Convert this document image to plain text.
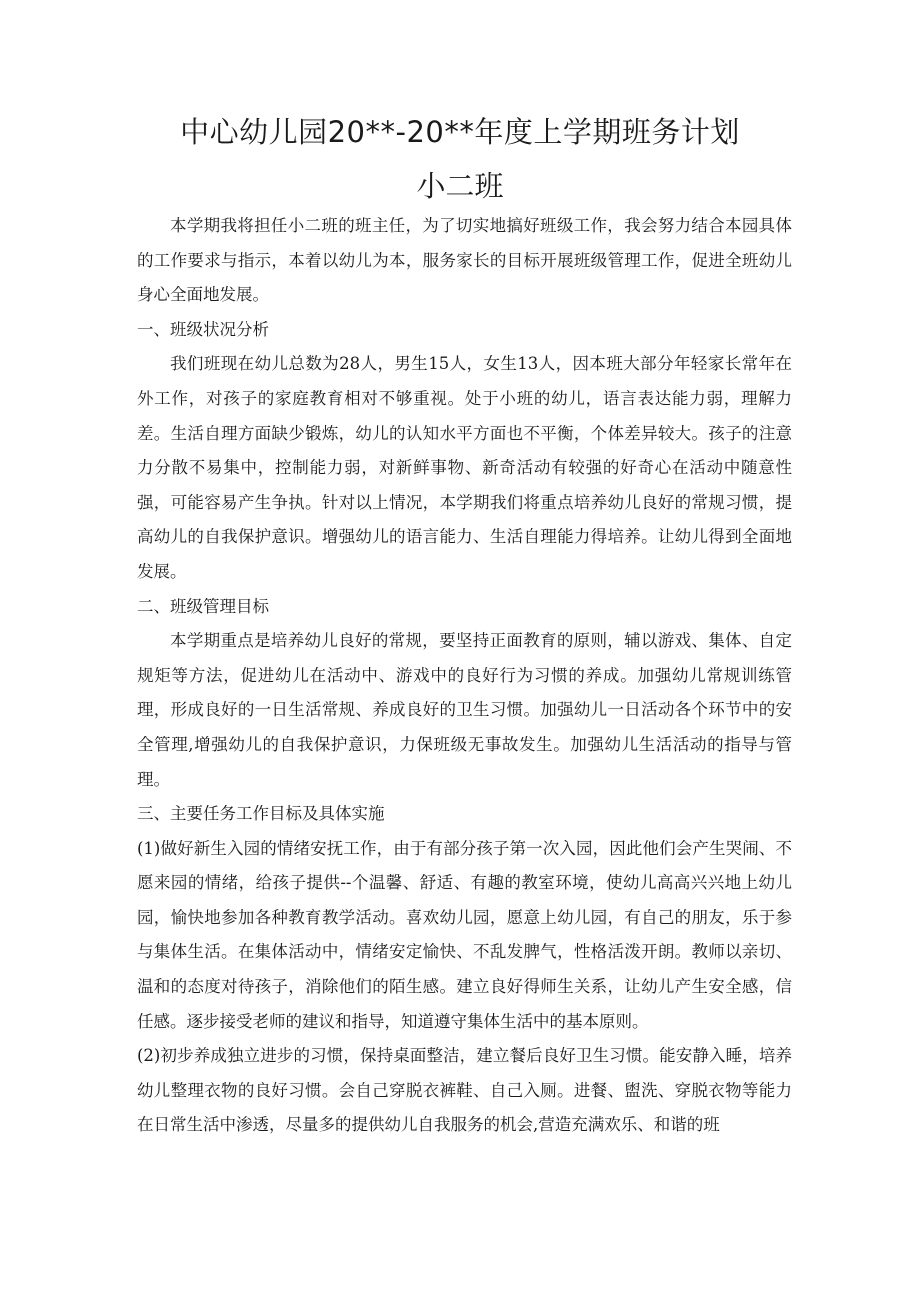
中心幼儿园20**-20**年度上学期班务计划
小二班

本学期我将担任小二班的班主任，为了切实地搞好班级工作，我会努力结合本园具体的工作要求与指示，本着以幼儿为本，服务家长的目标开展班级管理工作，促进全班幼儿身心全面地发展。

一、班级状况分析

我们班现在幼儿总数为28人，男生15人，女生13人，因本班大部分年轻家长常年在外工作，对孩子的家庭教育相对不够重视。处于小班的幼儿，语言表达能力弱，理解力差。生活自理方面缺少锻炼，幼儿的认知水平方面也不平衡，个体差异较大。孩子的注意力分散不易集中，控制能力弱，对新鲜事物、新奇活动有较强的好奇心在活动中随意性强，可能容易产生争执。针对以上情况，本学期我们将重点培养幼儿良好的常规习惯，提高幼儿的自我保护意识。增强幼儿的语言能力、生活自理能力得培养。让幼儿得到全面地发展。

二、班级管理目标

本学期重点是培养幼儿良好的常规，要坚持正面教育的原则，辅以游戏、集体、自定规矩等方法，促进幼儿在活动中、游戏中的良好行为习惯的养成。加强幼儿常规训练管理，形成良好的一日生活常规、养成良好的卫生习惯。加强幼儿一日活动各个环节中的安全管理,增强幼儿的自我保护意识，力保班级无事故发生。加强幼儿生活活动的指导与管理。

三、主要任务工作目标及具体实施

(1)做好新生入园的情绪安抚工作，由于有部分孩子第一次入园，因此他们会产生哭闹、不愿来园的情绪，给孩子提供--个温馨、舒适、有趣的教室环境，使幼儿高高兴兴地上幼儿园，愉快地参加各种教育教学活动。喜欢幼儿园，愿意上幼儿园，有自己的朋友，乐于参与集体生活。在集体活动中，情绪安定愉快、不乱发脾气，性格活泼开朗。教师以亲切、温和的态度对待孩子，消除他们的陌生感。建立良好得师生关系，让幼儿产生安全感，信任感。逐步接受老师的建议和指导，知道遵守集体生活中的基本原则。

(2)初步养成独立进步的习惯，保持桌面整洁，建立餐后良好卫生习惯。能安静入睡，培养幼儿整理衣物的良好习惯。会自己穿脱衣裤鞋、自己入厕。进餐、盥洗、穿脱衣物等能力在日常生活中渗透，尽量多的提供幼儿自我服务的机会,营造充满欢乐、和谐的班
